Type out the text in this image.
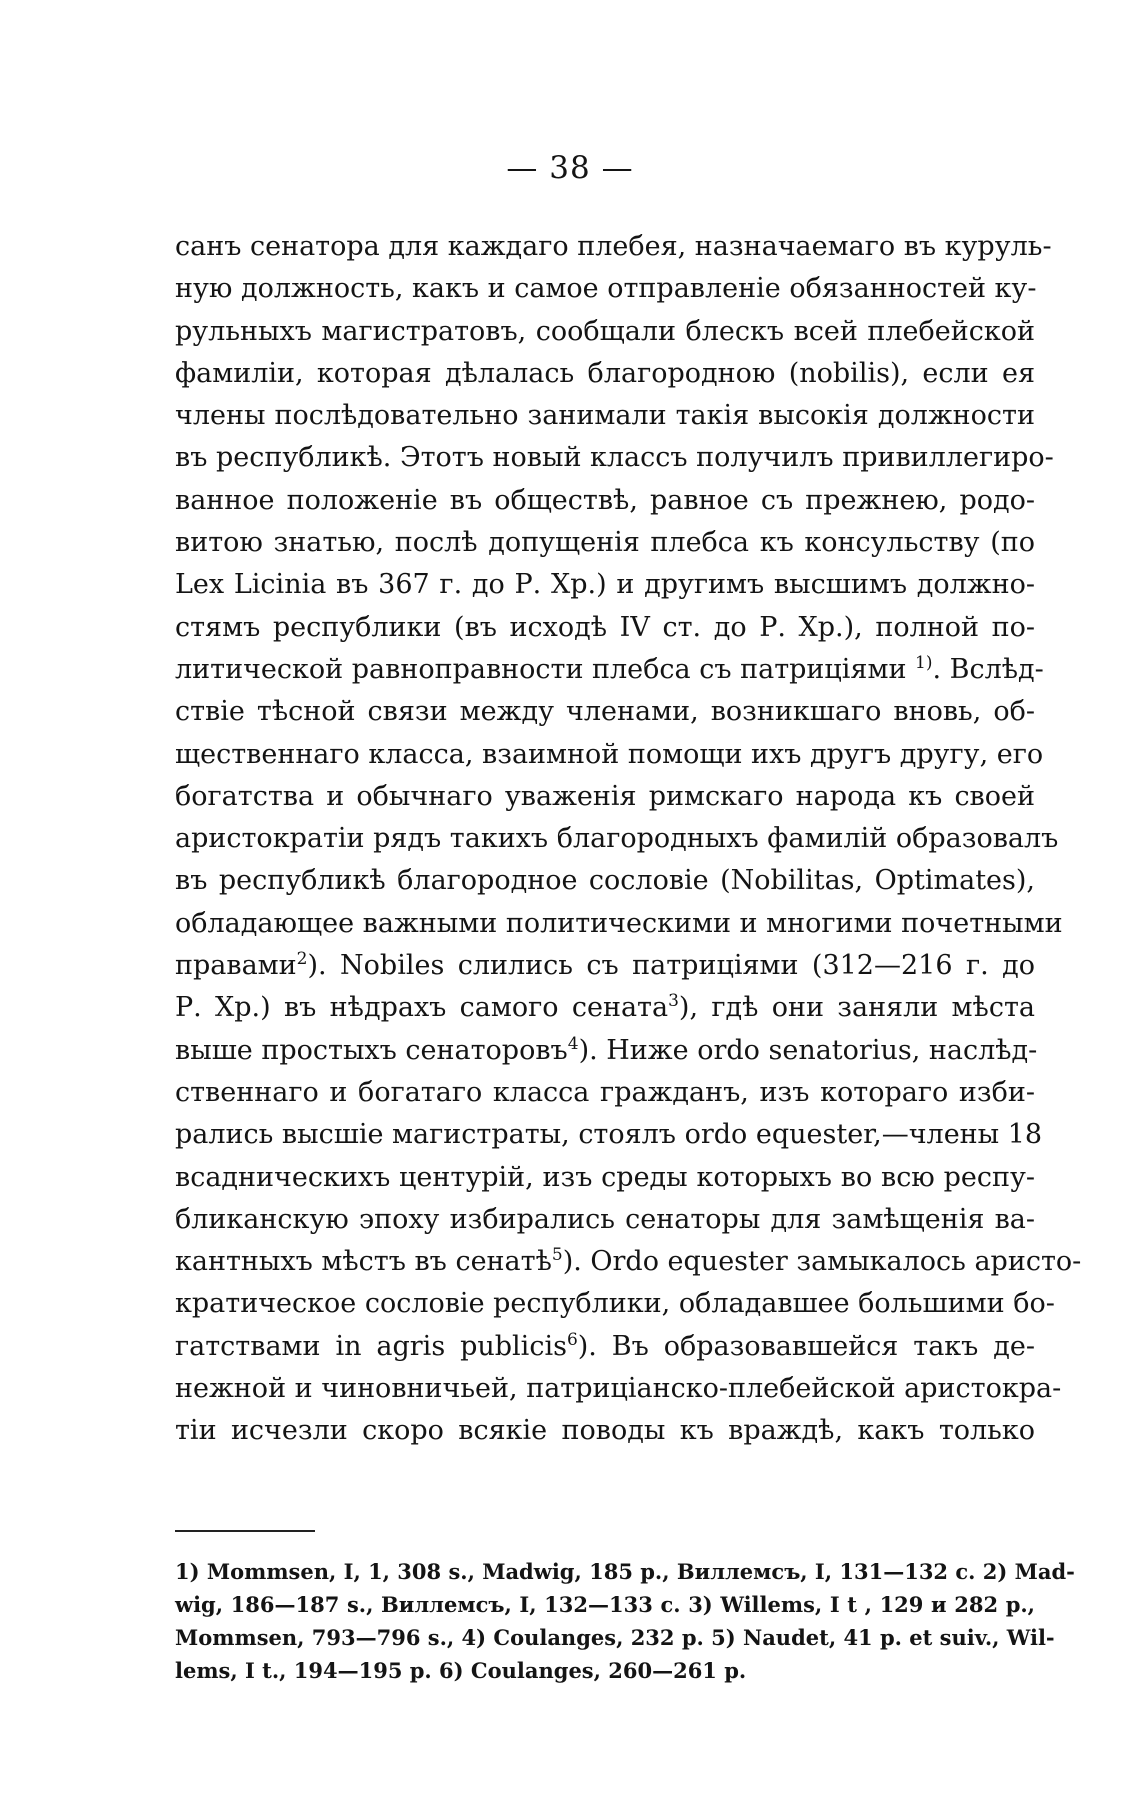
— 38 —
санъ сенатора для каждаго плебея, назначаемаго въ куруль-
ную должность, какъ и самое отправленіе обязанностей ку-
рульныхъ магистратовъ, сообщали блескъ всей плебейской
фамиліи, которая дѣлалась благородною (nobilis), если ея
члены послѣдовательно занимали такія высокія должности
въ республикѣ. Этотъ новый классъ получилъ привиллегиро-
ванное положеніе въ обществѣ, равное съ прежнею, родо-
витою знатью, послѣ допущенія плебса къ консульству (по
Lex Licinia въ 367 г. до Р. Хр.) и другимъ высшимъ должно-
стямъ республики (въ исходѣ IV ст. до Р. Хр.), полной по-
литической равноправности плебса съ патриціями $^{1)}$. Вслѣд-
ствіе тѣсной связи между членами, возникшаго вновь, об-
щественнаго класса, взаимной помощи ихъ другъ другу, его
богатства и обычнаго уваженія римскаго народа къ своей
аристократіи рядъ такихъ благородныхъ фамилій образовалъ
въ республикѣ благородное сословіе (Nobilitas, Optimates),
обладающее важными политическими и многими почетными
правами$^2$). Nobiles слились съ патриціями (312—216 г. до
Р. Хр.) въ нѣдрахъ самого сената$^3$), гдѣ они заняли мѣста
выше простыхъ сенаторовъ$^4$). Ниже ordo senatorius, наслѣд-
ственнаго и богатаго класса гражданъ, изъ котораго изби-
рались высшіе магистраты, стоялъ ordo equester,—члены 18
всадническихъ центурій, изъ среды которыхъ во всю респу-
бликанскую эпоху избирались сенаторы для замѣщенія ва-
кантныхъ мѣстъ въ сенатѣ$^5$). Ordo equester замыкалось аристо-
кратическое сословіе республики, обладавшее большими бо-
гатствами in agris publicis$^6$). Въ образовавшейся такъ де-
нежной и чиновничьей, патриціанско-плебейской аристокра-
тіи исчезли скоро всякіе поводы къ враждѣ, какъ только
1) Mommsen, I, 1, 308 s., Madwig, 185 p., Виллемсъ, I, 131—132 с. 2) Mad-
wig, 186—187 s., Виллемсъ, I, 132—133 с. 3) Willems, I t , 129 и 282 p.,
Mommsen, 793—796 s., 4) Coulanges, 232 p. 5) Naudet, 41 p. et suiv., Wil-
lems, I t., 194—195 p. 6) Coulanges, 260—261 p.
